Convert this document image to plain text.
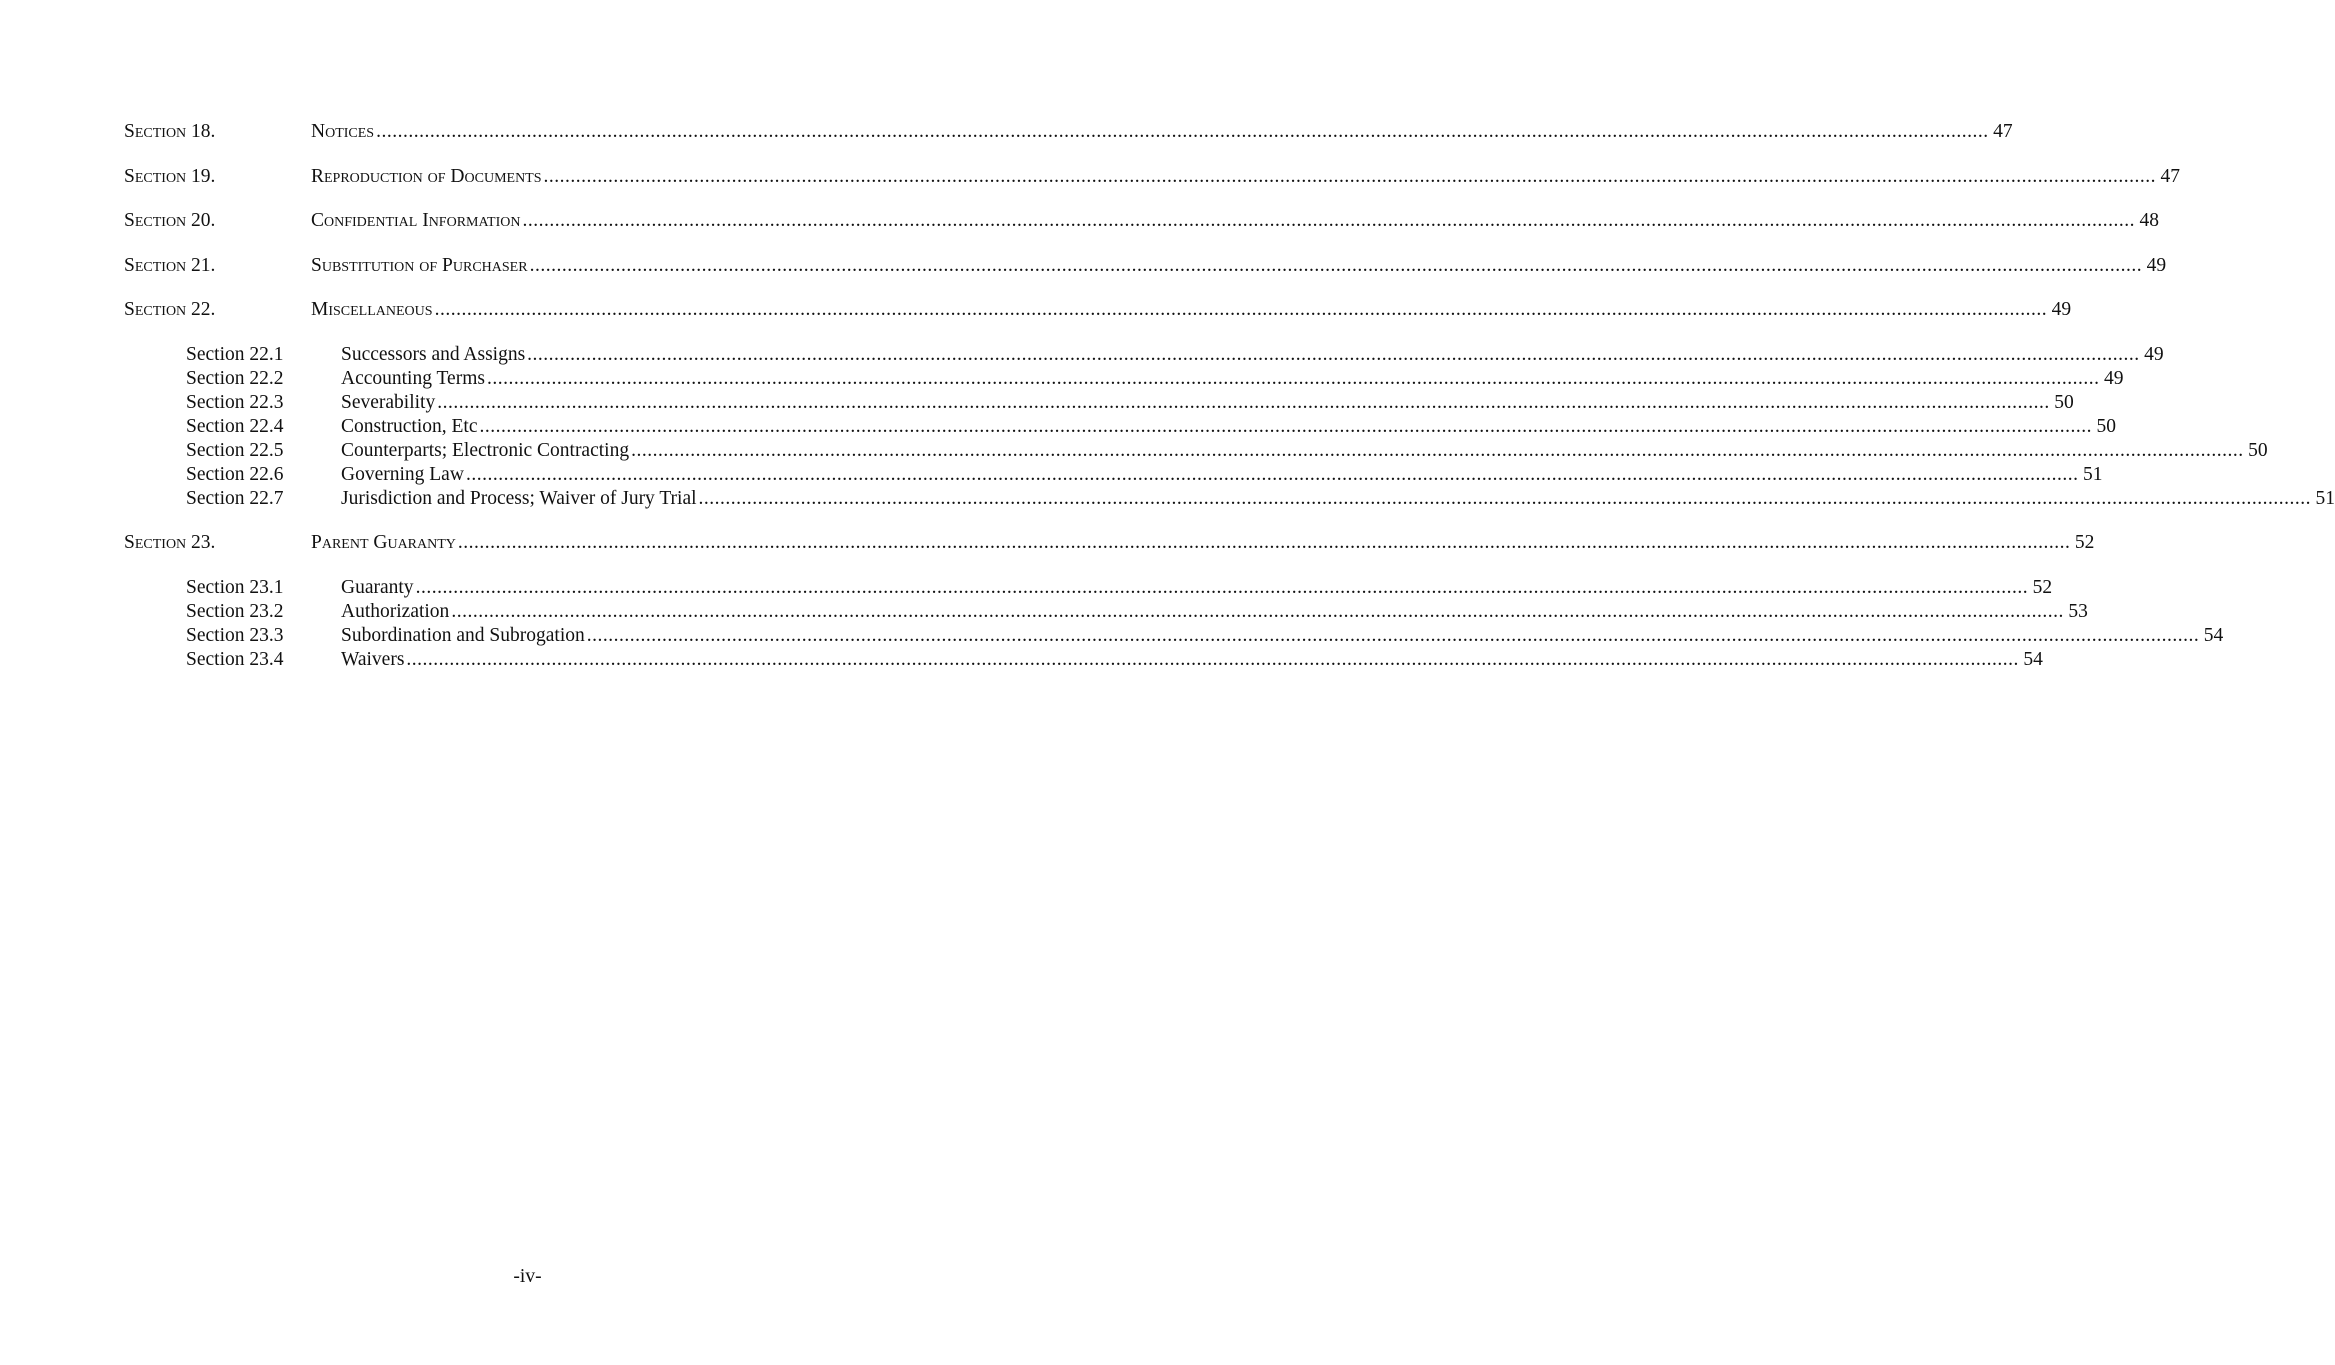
Section 18.	Notices ............................................................................................................................................................................................................................................................................................................ 47
Section 19.	Reproduction of Documents ............................................................................................................................................................................................................................................................................................................ 47
Section 20.	Confidential Information ............................................................................................................................................................................................................................................................................................................ 48
Section 21.	Substitution of Purchaser ............................................................................................................................................................................................................................................................................................................ 49
Section 22.	Miscellaneous ............................................................................................................................................................................................................................................................................................................ 49
Section 22.1	Successors and Assigns ............................................................................................................................................................................................................................................................................................................ 49
Section 22.2	Accounting Terms ............................................................................................................................................................................................................................................................................................................ 49
Section 22.3	Severability ............................................................................................................................................................................................................................................................................................................ 50
Section 22.4	Construction, Etc ............................................................................................................................................................................................................................................................................................................ 50
Section 22.5	Counterparts; Electronic Contracting ............................................................................................................................................................................................................................................................................................................ 50
Section 22.6	Governing Law ............................................................................................................................................................................................................................................................................................................ 51
Section 22.7	Jurisdiction and Process; Waiver of Jury Trial ............................................................................................................................................................................................................................................................................................................ 51
Section 23.	Parent Guaranty ............................................................................................................................................................................................................................................................................................................ 52
Section 23.1	Guaranty ............................................................................................................................................................................................................................................................................................................ 52
Section 23.2	Authorization ............................................................................................................................................................................................................................................................................................................ 53
Section 23.3	Subordination and Subrogation ............................................................................................................................................................................................................................................................................................................ 54
Section 23.4	Waivers ............................................................................................................................................................................................................................................................................................................ 54
-iv-
